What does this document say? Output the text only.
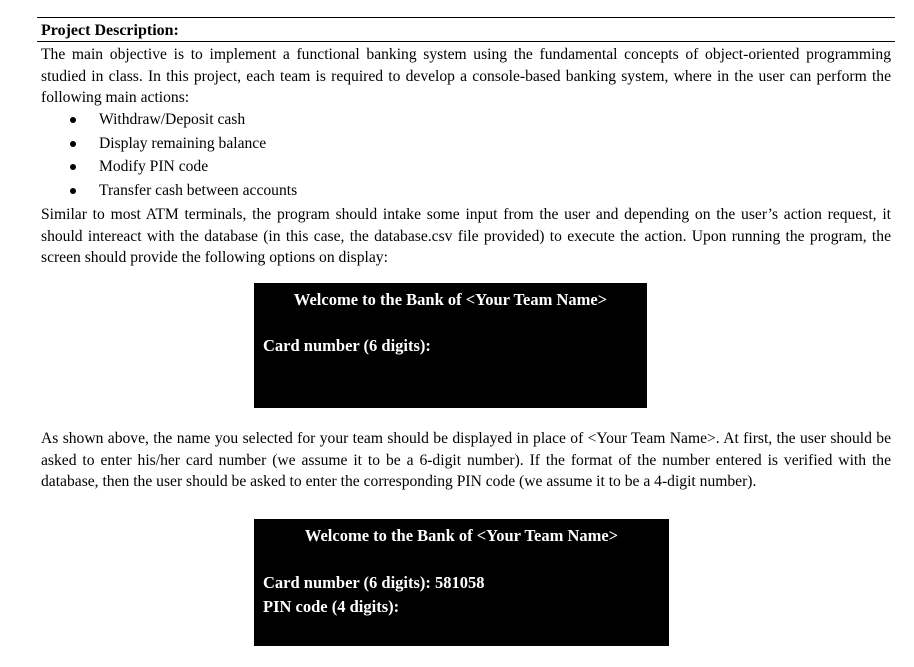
Project Description:
The main objective is to implement a functional banking system using the fundamental concepts of object-oriented programming studied in class. In this project, each team is required to develop a console-based banking system, where in the user can perform the following main actions:
Withdraw/Deposit cash
Display remaining balance
Modify PIN code
Transfer cash between accounts
Similar to most ATM terminals, the program should intake some input from the user and depending on the user’s action request, it should intereact with the database (in this case, the database.csv file provided) to execute the action. Upon running the program, the screen should provide the following options on display:
Welcome to the Bank of <Your Team Name>
Card number (6 digits):
As shown above, the name you selected for your team should be displayed in place of <Your Team Name>. At first, the user should be asked to enter his/her card number (we assume it to be a 6-digit number). If the format of the number entered is verified with the database, then the user should be asked to enter the corresponding PIN code (we assume it to be a 4-digit number).
Welcome to the Bank of <Your Team Name>
Card number (6 digits): 581058
PIN code (4 digits):
